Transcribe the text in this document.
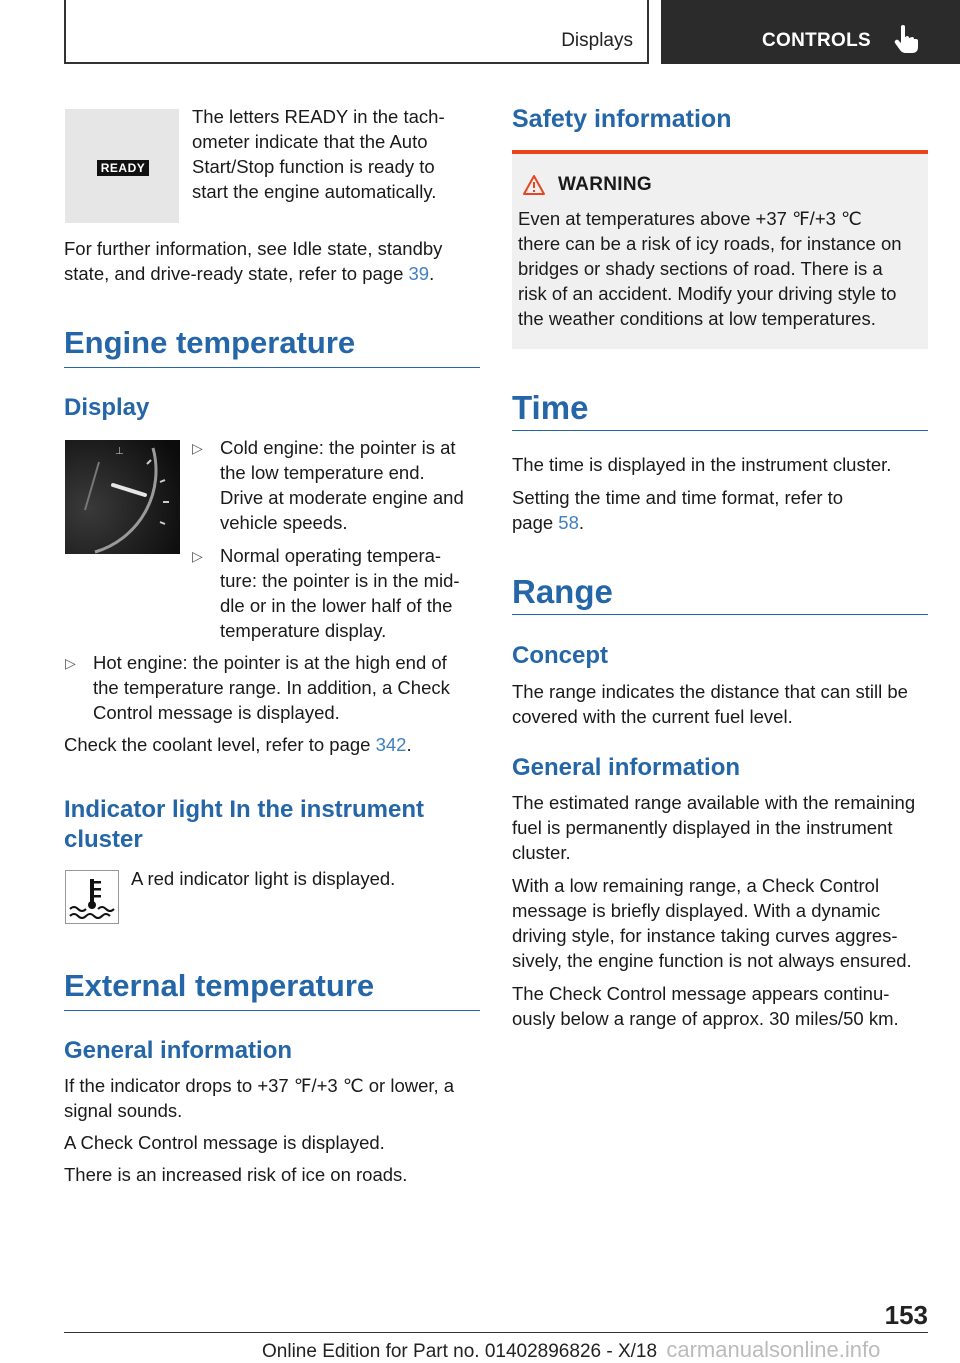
Displays	CONTROLS
READY
The letters READY in the tach-
ometer indicate that the Auto
Start/Stop function is ready to
start the engine automatically.
For further information, see Idle state, standby
state, and drive-ready state, refer to page 39.
Engine temperature
Display
⊥	▷ Cold engine: the pointer is at
the low temperature end.
Drive at moderate engine and
vehicle speeds.
▷ Normal operating tempera-
ture: the pointer is in the mid-
dle or in the lower half of the
temperature display.
▷ Hot engine: the pointer is at the high end of
the temperature range. In addition, a Check
Control message is displayed.
Check the coolant level, refer to page 342.
Indicator light In the instrument
cluster
A red indicator light is displayed.
External temperature
General information
If the indicator drops to +37 ℉/+3 ℃ or lower, a
signal sounds.
A Check Control message is displayed.
There is an increased risk of ice on roads.
Safety information
WARNING
Even at temperatures above +37 ℉/+3 ℃
there can be a risk of icy roads, for instance on
bridges or shady sections of road. There is a
risk of an accident. Modify your driving style to
the weather conditions at low temperatures.
Time
The time is displayed in the instrument cluster.
Setting the time and time format, refer to
page 58.
Range
Concept
The range indicates the distance that can still be
covered with the current fuel level.
General information
The estimated range available with the remaining
fuel is permanently displayed in the instrument
cluster.
With a low remaining range, a Check Control
message is briefly displayed. With a dynamic
driving style, for instance taking curves aggres-
sively, the engine function is not always ensured.
The Check Control message appears continu-
ously below a range of approx. 30 miles/50 km.
153
Online Edition for Part no. 01402896826 - X/18 carmanualsonline.info
